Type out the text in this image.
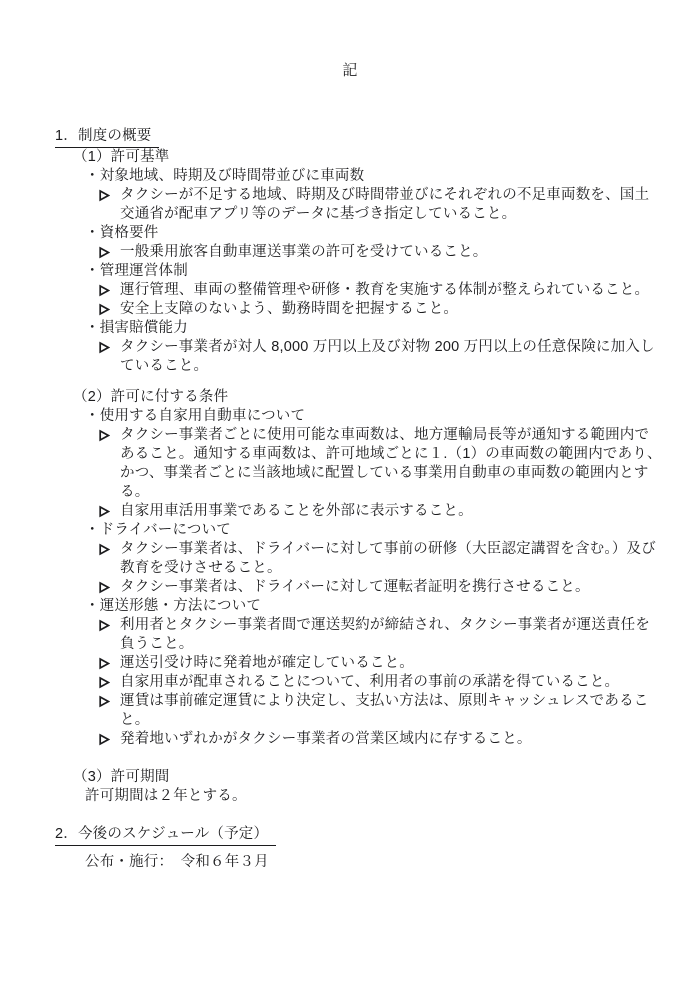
記
1．制度の概要
（1）許可基準
・対象地域、時期及び時間帯並びに車両数
タクシーが不足する地域、時期及び時間帯並びにそれぞれの不足車両数を、国土
交通省が配車アプリ等のデータに基づき指定していること。
・資格要件
一般乗用旅客自動車運送事業の許可を受けていること。
・管理運営体制
運行管理、車両の整備管理や研修・教育を実施する体制が整えられていること。
安全上支障のないよう、勤務時間を把握すること。
・損害賠償能力
タクシー事業者が対人 8,000 万円以上及び対物 200 万円以上の任意保険に加入し
ていること。
（2）許可に付する条件
・使用する自家用自動車について
タクシー事業者ごとに使用可能な車両数は、地方運輸局長等が通知する範囲内で
あること。通知する車両数は、許可地域ごとに１.（1）の車両数の範囲内であり、
かつ、事業者ごとに当該地域に配置している事業用自動車の車両数の範囲内とす
る。
自家用車活用事業であることを外部に表示すること。
・ドライバーについて
タクシー事業者は、ドライバーに対して事前の研修（大臣認定講習を含む。）及び
教育を受けさせること。
タクシー事業者は、ドライバーに対して運転者証明を携行させること。
・運送形態・方法について
利用者とタクシー事業者間で運送契約が締結され、タクシー事業者が運送責任を
負うこと。
運送引受け時に発着地が確定していること。
自家用車が配車されることについて、利用者の事前の承諾を得ていること。
運賃は事前確定運賃により決定し、支払い方法は、原則キャッシュレスであるこ
と。
発着地いずれかがタクシー事業者の営業区域内に存すること。
（3）許可期間
許可期間は２年とする。
2．今後のスケジュール（予定）
公布・施行：　令和６年３月
